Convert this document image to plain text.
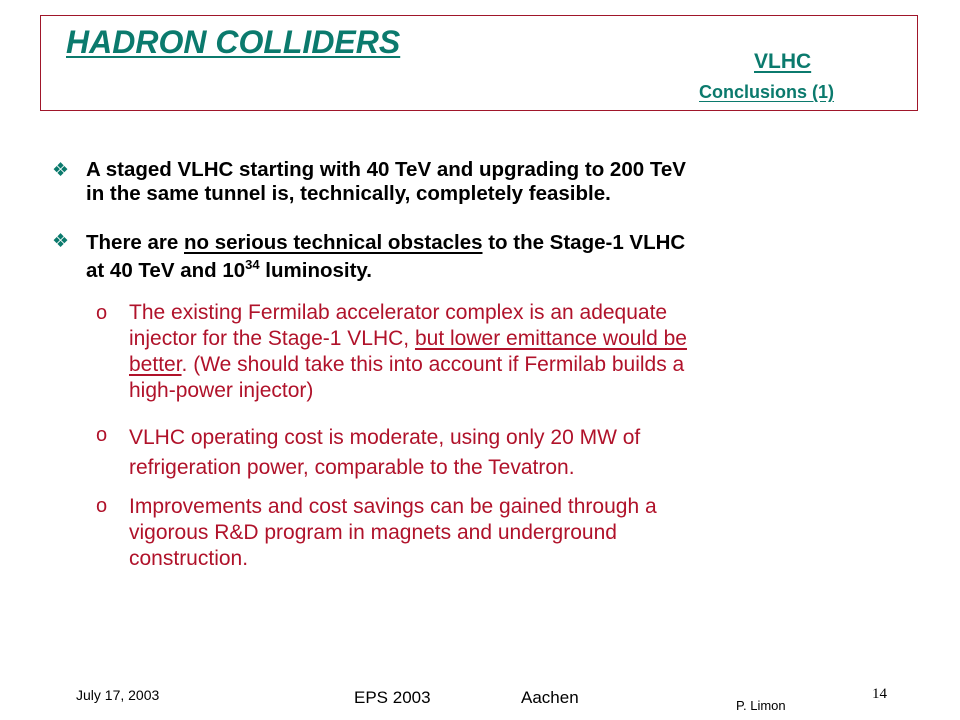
HADRON COLLIDERS
VLHC
Conclusions (1)
❖ A staged VLHC starting with 40 TeV and upgrading to 200 TeV
in the same tunnel is, technically, completely feasible.
❖ There are no serious technical obstacles to the Stage-1 VLHC
at 40 TeV and $10^{34}$ luminosity.
o The existing Fermilab accelerator complex is an adequate
injector for the Stage-1 VLHC, but lower emittance would be
better. (We should take this into account if Fermilab builds a
high-power injector)
o VLHC operating cost is moderate, using only 20 MW of
refrigeration power, comparable to the Tevatron.
o Improvements and cost savings can be gained through a
vigorous R&D program in magnets and underground
construction.
July 17, 2003	EPS 2003	Aachen	P. Limon
14
